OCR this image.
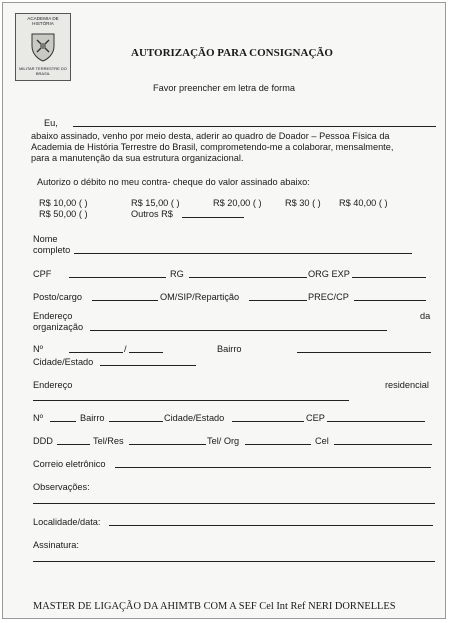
ACADEMIA DE HISTÓRIA
MILITAR TERRESTRE DO BRASIL
AUTORIZAÇÃO PARA CONSIGNAÇÃO
Favor preencher em letra de forma
Eu,
abaixo assinado, venho por meio desta, aderir ao quadro de Doador – Pessoa Física da
Academia de História Terrestre do Brasil, comprometendo-me a colaborar, mensalmente,
para a manutenção da sua estrutura organizacional.
Autorizo o débito no meu contra- cheque do valor assinado abaixo:
R$ 10,00 ( )	R$ 15,00 ( )	R$ 20,00 ( )	R$ 30 ( ) R$ 40,00 ( )
R$ 50,00 ( )	Outros R$
Nome
completo
CPF	RG	ORG EXP
Posto/cargo	OM/SIP/Repartição	PREC/CP
Endereço	da
organização
Nº	/	Bairro
Cidade/Estado
Endereço	residencial
Nº	Bairro	Cidade/Estado	CEP
DDD	Tel/Res	Tel/ Org	Cel
Correio eletrônico
Observações:
Localidade/data:
Assinatura:
MASTER DE LIGAÇÃO DA AHIMTB COM A SEF Cel Int Ref NERI DORNELLES
